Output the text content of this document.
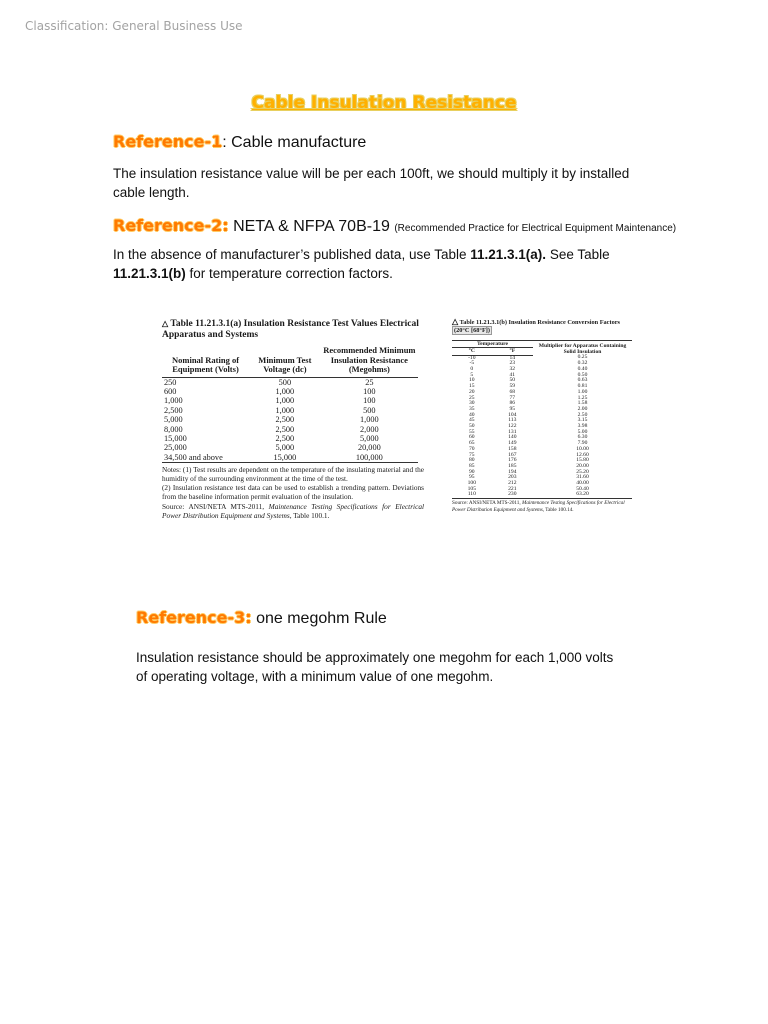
Classification: General Business Use
Cable Insulation Resistance
Reference-1: Cable manufacture
The insulation resistance value will be per each 100ft, we should multiply it by installed cable length.
Reference-2: NETA & NFPA 70B-19 (Recommended Practice for Electrical Equipment Maintenance)
In the absence of manufacturer’s published data, use Table 11.21.3.1(a). See Table 11.21.3.1(b) for temperature correction factors.
△ Table 11.21.3.1(a) Insulation Resistance Test Values Electrical Apparatus and Systems
Nominal Rating of Equipment (Volts)	Minimum Test Voltage (dc)	Recommended Minimum Insulation Resistance (Megohms)
250	500	25
600	1,000	100
1,000	1,000	100
2,500	1,000	500
5,000	2,500	1,000
8,000	2,500	2,000
15,000	2,500	5,000
25,000	5,000	20,000
34,500 and above	15,000	100,000
Notes: (1) Test results are dependent on the temperature of the insulating material and the humidity of the surrounding environment at the time of the test.
(2) Insulation resistance test data can be used to establish a trending pattern. Deviations from the baseline information permit evaluation of the insulation.
Source: ANSI/NETA MTS-2011, Maintenance Testing Specifications for Electrical Power Distribution Equipment and Systems, Table 100.1.
△ Table 11.21.3.1(b) Insulation Resistance Conversion Factors
(20°C [68°F])
Temperature		Multiplier for Apparatus Containing Solid Insulation
°C	°F	
-10	14	0.25
-5	23	0.32
0	32	0.40
5	41	0.50
10	50	0.63
15	59	0.81
20	68	1.00
25	77	1.25
30	86	1.58
35	95	2.00
40	104	2.50
45	113	3.15
50	122	3.98
55	131	5.00
60	140	6.30
65	149	7.90
70	158	10.00
75	167	12.60
80	176	15.80
85	185	20.00
90	194	25.20
95	203	31.60
100	212	40.00
105	221	50.40
110	230	63.20
Source: ANSI/NETA MTS-2011, Maintenance Testing Specifications for Electrical Power Distribution Equipment and Systems, Table 100.14.
Reference-3: one megohm Rule
Insulation resistance should be approximately one megohm for each 1,000 volts of operating voltage, with a minimum value of one megohm.
